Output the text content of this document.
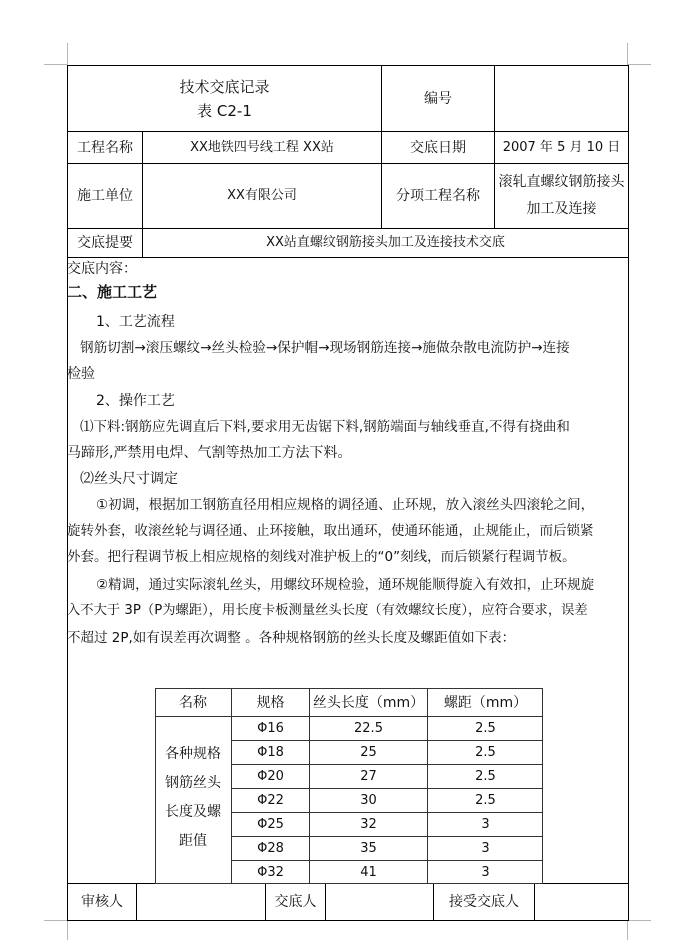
技术交底记录
表 C2-1
编号
工程名称	XX地铁四号线工程 XX站	交底日期	2007 年 5 月 10 日
施工单位	XX有限公司	分项工程名称
滚轧直螺纹钢筋接头
加工及连接
交底提要	XX站直螺纹钢筋接头加工及连接技术交底
交底内容：
二、施工工艺
1、工艺流程
钢筋切割→滚压螺纹→丝头检验→保护帽→现场钢筋连接→施做杂散电流防护→连接
检验
2、操作工艺
⑴下料:钢筋应先调直后下料,要求用无齿锯下料,钢筋端面与轴线垂直,不得有挠曲和
马蹄形,严禁用电焊、气割等热加工方法下料。
⑵丝头尺寸调定
①初调，根据加工钢筋直径用相应规格的调径通、止环规，放入滚丝头四滚轮之间，
旋转外套，收滚丝轮与调径通、止环接触，取出通环，使通环能通，止规能止，而后锁紧
外套。把行程调节板上相应规格的刻线对准护板上的“0”刻线，而后锁紧行程调节板。
②精调，通过实际滚轧丝头，用螺纹环规检验，通环规能顺得旋入有效扣，止环规旋
入不大于 3P（P为螺距），用长度卡板测量丝头长度（有效螺纹长度），应符合要求，误差
不超过 2P,如有误差再次调整 。各种规格钢筋的丝头长度及螺距值如下表：
名称	规格	丝头长度（mm）	螺距（mm）
各种规格
钢筋丝头
长度及螺
距值
Φ16	22.5	2.5
Φ18	25	2.5
Φ20	27	2.5
Φ22	30	2.5
Φ25	32	3
Φ28	35	3
Φ32	41	3
审核人	交底人	接受交底人
